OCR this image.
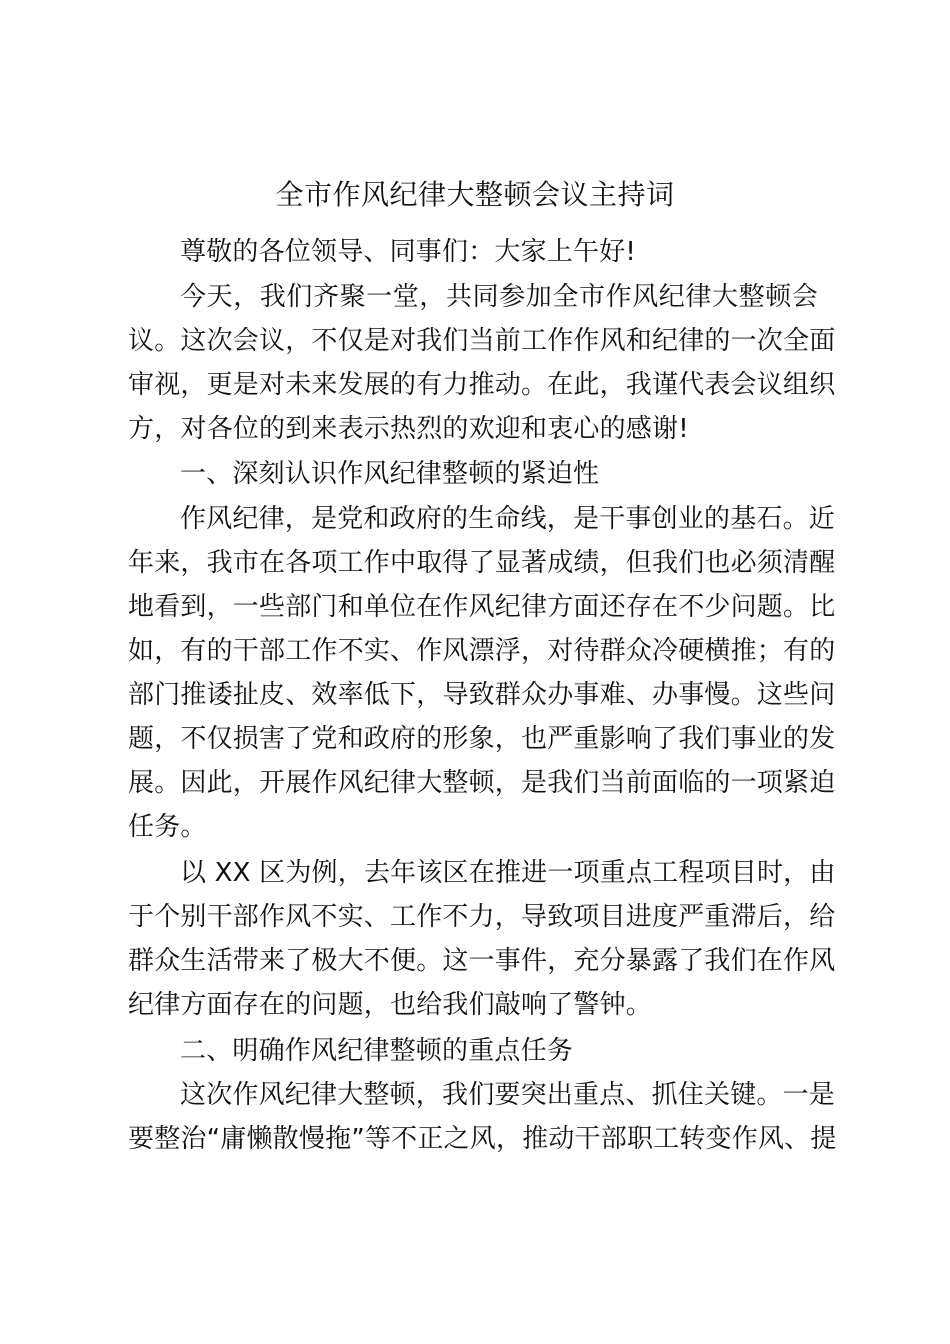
全市作风纪律大整顿会议主持词
尊敬的各位领导、同事们：大家上午好!
今天，我们齐聚一堂，共同参加全市作风纪律大整顿会
议。这次会议，不仅是对我们当前工作作风和纪律的一次全面
审视，更是对未来发展的有力推动。在此，我谨代表会议组织
方，对各位的到来表示热烈的欢迎和衷心的感谢!
一、深刻认识作风纪律整顿的紧迫性
作风纪律，是党和政府的生命线，是干事创业的基石。近
年来，我市在各项工作中取得了显著成绩，但我们也必须清醒
地看到，一些部门和单位在作风纪律方面还存在不少问题。比
如，有的干部工作不实、作风漂浮，对待群众冷硬横推；有的
部门推诿扯皮、效率低下，导致群众办事难、办事慢。这些问
题，不仅损害了党和政府的形象，也严重影响了我们事业的发
展。因此，开展作风纪律大整顿，是我们当前面临的一项紧迫
任务。
以 XX 区为例，去年该区在推进一项重点工程项目时，由
于个别干部作风不实、工作不力，导致项目进度严重滞后，给
群众生活带来了极大不便。这一事件，充分暴露了我们在作风
纪律方面存在的问题，也给我们敲响了警钟。
二、明确作风纪律整顿的重点任务
这次作风纪律大整顿，我们要突出重点、抓住关键。一是
要整治“庸懒散慢拖”等不正之风，推动干部职工转变作风、提
